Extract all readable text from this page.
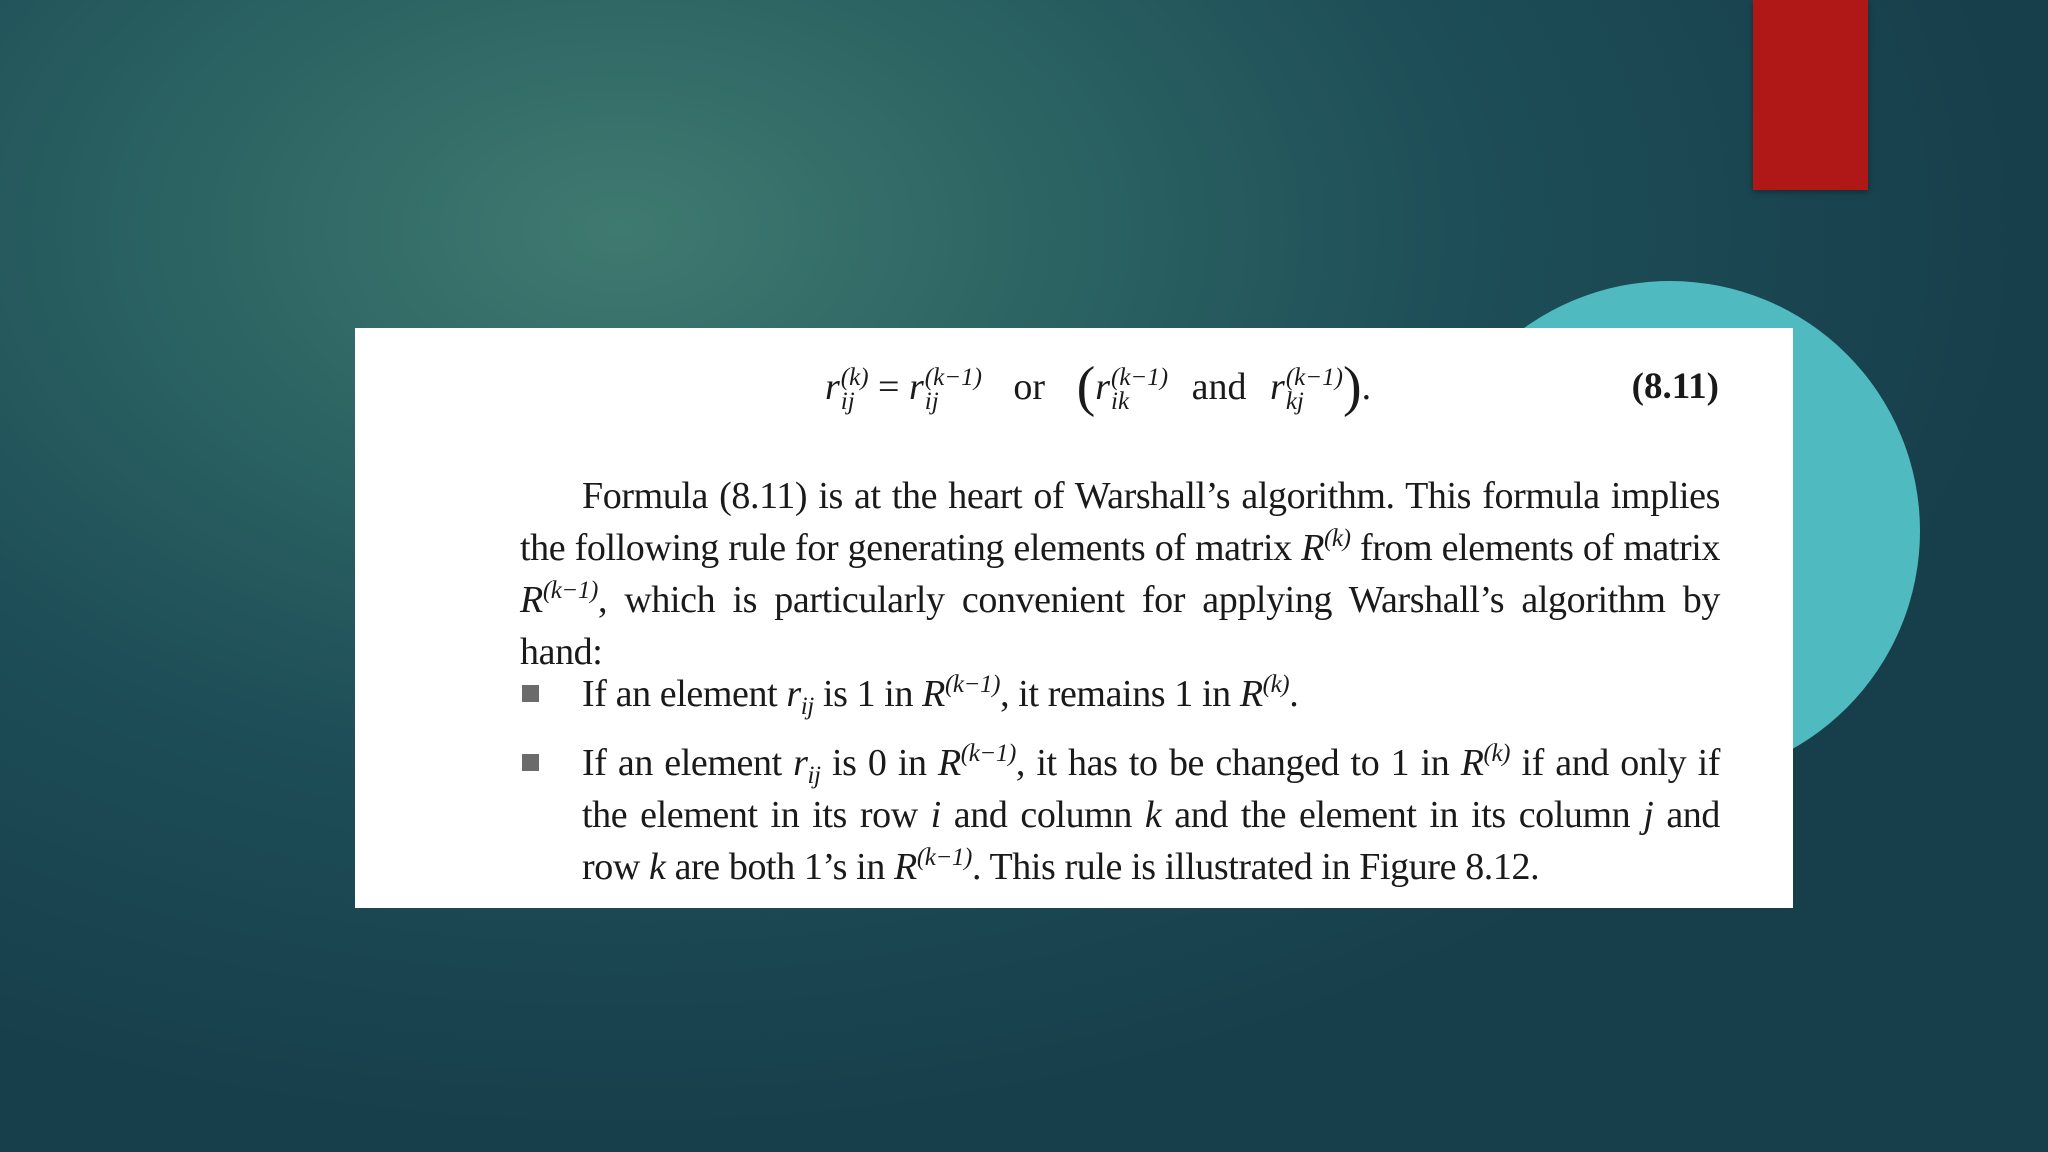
r (k)
ij = r (k−1)
ij	or (r (k−1)
ik	and r (k−1)
kj ).	(8.11)
Formula (8.11) is at the heart of Warshall’s algorithm. This formula implies the following rule for generating elements of matrix $R^{(k)}$ from elements of matrix $R^{(k-1)}$, which is particularly convenient for applying Warshall’s algorithm by hand:
If an element $r_{ij}$ is 1 in $R^{(k-1)}$, it remains 1 in $R^{(k)}$.
If an element $r_{ij}$ is 0 in $R^{(k-1)}$, it has to be changed to 1 in $R^{(k)}$ if and only if the element in its row i and column k and the element in its column j and row k are both 1’s in $R^{(k-1)}$. This rule is illustrated in Figure 8.12.
